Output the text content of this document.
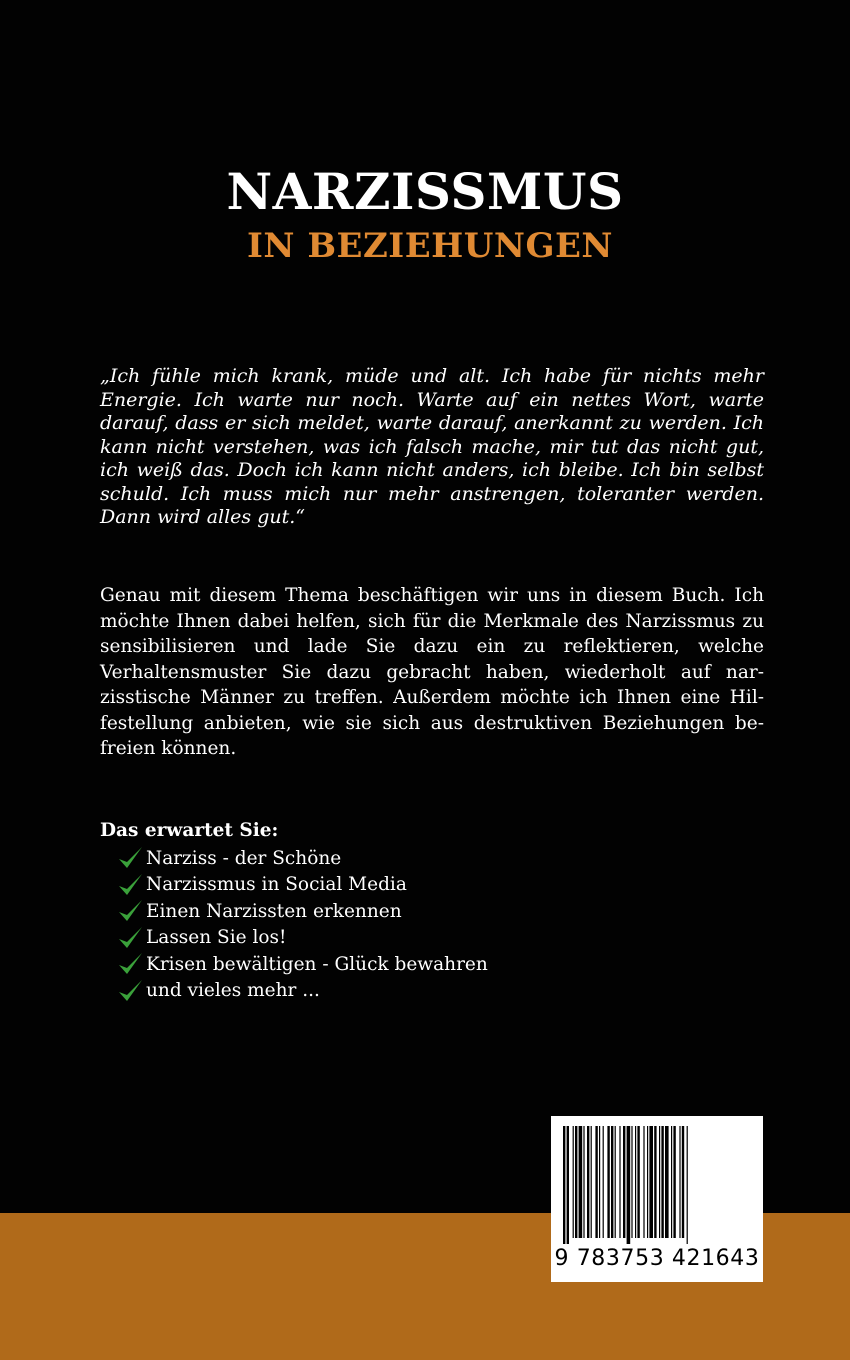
NARZISSMUS
IN BEZIEHUNGEN
„Ich fühle mich krank, müde und alt. Ich habe für nichts mehr Energie. Ich warte nur noch. Warte auf ein nettes Wort, warte darauf, dass er sich meldet, warte darauf, anerkannt zu werden. Ich kann nicht verstehen, was ich falsch mache, mir tut das nicht gut, ich weiß das. Doch ich kann nicht anders, ich bleibe. Ich bin selbst schuld. Ich muss mich nur mehr anstrengen, toleranter werden. Dann wird alles gut.“
Genau mit diesem Thema beschäftigen wir uns in diesem Buch. Ich möchte Ihnen dabei helfen, sich für die Merkmale des Narzissmus zu sensibilisieren und lade Sie dazu ein zu reflektieren, welche Verhaltensmuster Sie dazu gebracht haben, wiederholt auf narzisstische Männer zu treffen. Außerdem möchte ich Ihnen eine Hilfestellung anbieten, wie sie sich aus destruktiven Beziehungen befreien können.
Das erwartet Sie:
Narziss - der Schöne
Narzissmus in Social Media
Einen Narzissten erkennen
Lassen Sie los!
Krisen bewältigen - Glück bewahren
und vieles mehr ...
9 783753 421643
